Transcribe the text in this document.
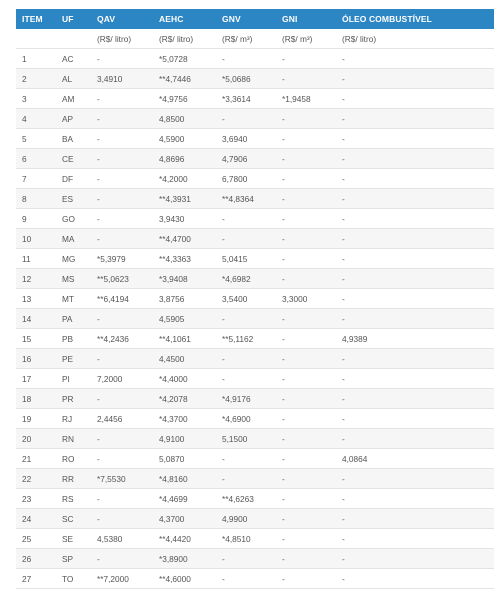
ITEM	UF	QAV	AEHC	GNV	GNI	ÓLEO COMBUSTÍVEL
		(R$/ litro)	(R$/ litro)	(R$/ m³)	(R$/ m³)	(R$/ litro)
1	AC	-	*5,0728	-	-	-
2	AL	3,4910	**4,7446	*5,0686	-	-
3	AM	-	*4,9756	*3,3614	*1,9458	-
4	AP	-	4,8500	-	-	-
5	BA	-	4,5900	3,6940	-	-
6	CE	-	4,8696	4,7906	-	-
7	DF	-	*4,2000	6,7800	-	-
8	ES	-	**4,3931	**4,8364	-	-
9	GO	-	3,9430	-	-	-
10	MA	-	**4,4700	-	-	-
11	MG	*5,3979	**4,3363	5,0415	-	-
12	MS	**5,0623	*3,9408	*4,6982	-	-
13	MT	**6,4194	3,8756	3,5400	3,3000	-
14	PA	-	4,5905	-	-	-
15	PB	**4,2436	**4,1061	**5,1162	-	4,9389
16	PE	-	4,4500	-	-	-
17	PI	7,2000	*4,4000	-	-	-
18	PR	-	*4,2078	*4,9176	-	-
19	RJ	2,4456	*4,3700	*4,6900	-	-
20	RN	-	4,9100	5,1500	-	-
21	RO	-	5,0870	-	-	4,0864
22	RR	*7,5530	*4,8160	-	-	-
23	RS	-	*4,4699	**4,6263	-	-
24	SC	-	4,3700	4,9900	-	-
25	SE	4,5380	**4,4420	*4,8510	-	-
26	SP	-	*3,8900	-	-	-
27	TO	**7,2000	**4,6000	-	-	-
